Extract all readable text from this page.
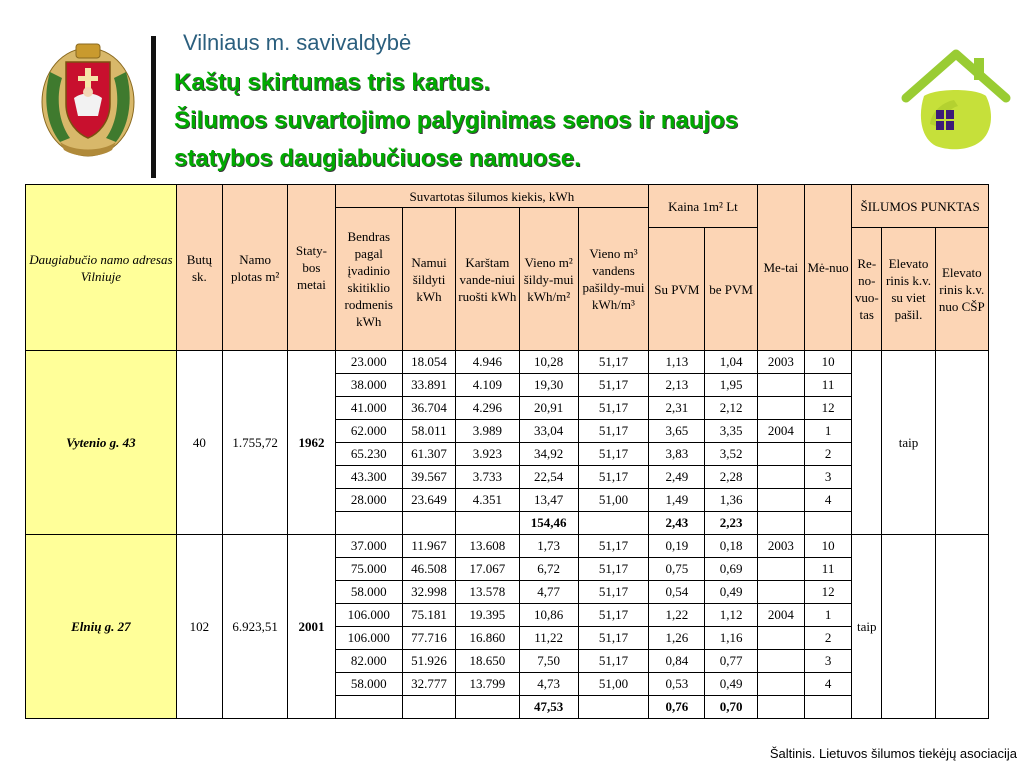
Vilniaus m. savivaldybė
Kaštų skirtumas tris kartus.
Šilumos suvartojimo palyginimas senos ir naujos
statybos daugiabučiuose namuose.
Daugiabučio namo adresas Vilniuje	Butų sk.	Namo plotas m²	Staty-bos metai	Suvartotas šilumos kiekis, kWh					Kaina 1m² Lt		Me-tai	Mė-nuo	ŠILUMOS PUNKTAS		
				Bendras pagal įvadinio skitiklio rodmenis kWh	Namui šildyti kWh	Karštam vande-niui ruošti kWh	Vieno m² šildy-mui kWh/m²	Vieno m³ vandens pašildy-mui kWh/m³							
									Su PVM	be PVM			Re-no-vuo-tas	Elevato rinis k.v. su viet pašil.	Elevato rinis k.v. nuo CŠP
Vytenio g. 43	40	1.755,72	1962	23.000	18.054	4.946	10,28	51,17	1,13	1,04	2003	10		taip	
				38.000	33.891	4.109	19,30	51,17	2,13	1,95		11			
				41.000	36.704	4.296	20,91	51,17	2,31	2,12		12			
				62.000	58.011	3.989	33,04	51,17	3,65	3,35	2004	1			
				65.230	61.307	3.923	34,92	51,17	3,83	3,52		2			
				43.300	39.567	3.733	22,54	51,17	2,49	2,28		3			
				28.000	23.649	4.351	13,47	51,00	1,49	1,36		4			
							154,46		2,43	2,23					
Elnių g. 27	102	6.923,51	2001	37.000	11.967	13.608	1,73	51,17	0,19	0,18	2003	10	taip		
				75.000	46.508	17.067	6,72	51,17	0,75	0,69		11			
				58.000	32.998	13.578	4,77	51,17	0,54	0,49		12			
				106.000	75.181	19.395	10,86	51,17	1,22	1,12	2004	1			
				106.000	77.716	16.860	11,22	51,17	1,26	1,16		2			
				82.000	51.926	18.650	7,50	51,17	0,84	0,77		3			
				58.000	32.777	13.799	4,73	51,00	0,53	0,49		4			
							47,53		0,76	0,70					
Šaltinis. Lietuvos šilumos tiekėjų asociacija
